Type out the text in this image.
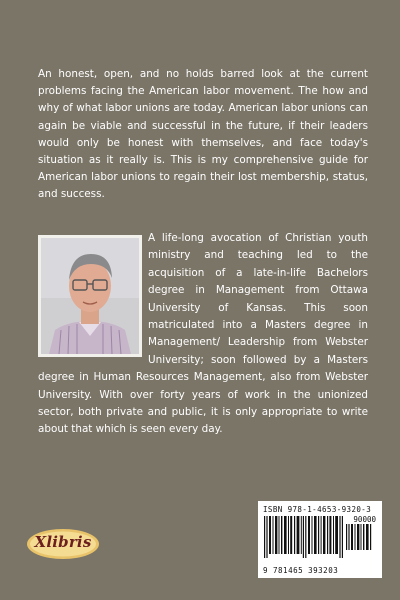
An honest, open, and no holds barred look at the current problems facing the American labor movement. The how and why of what labor unions are today. American labor unions can again be viable and successful in the future, if their leaders would only be honest with themselves, and face today's situation as it really is. This is my comprehensive guide for American labor unions to regain their lost membership, status, and success.

A life-long avocation of Christian youth ministry and teaching led to the acquisition of a late-in-life Bachelors degree in Management from Ottawa University of Kansas. This soon matriculated into a Masters degree in Management/ Leadership from Webster University; soon followed by a Masters degree in Human Resources Management, also from Webster University. With over forty years of work in the unionized sector, both private and public, it is only appropriate to write about that which is seen every day.

Xlibris
ISBN 978-1-4653-9320-3
90000
9 781465 393203
